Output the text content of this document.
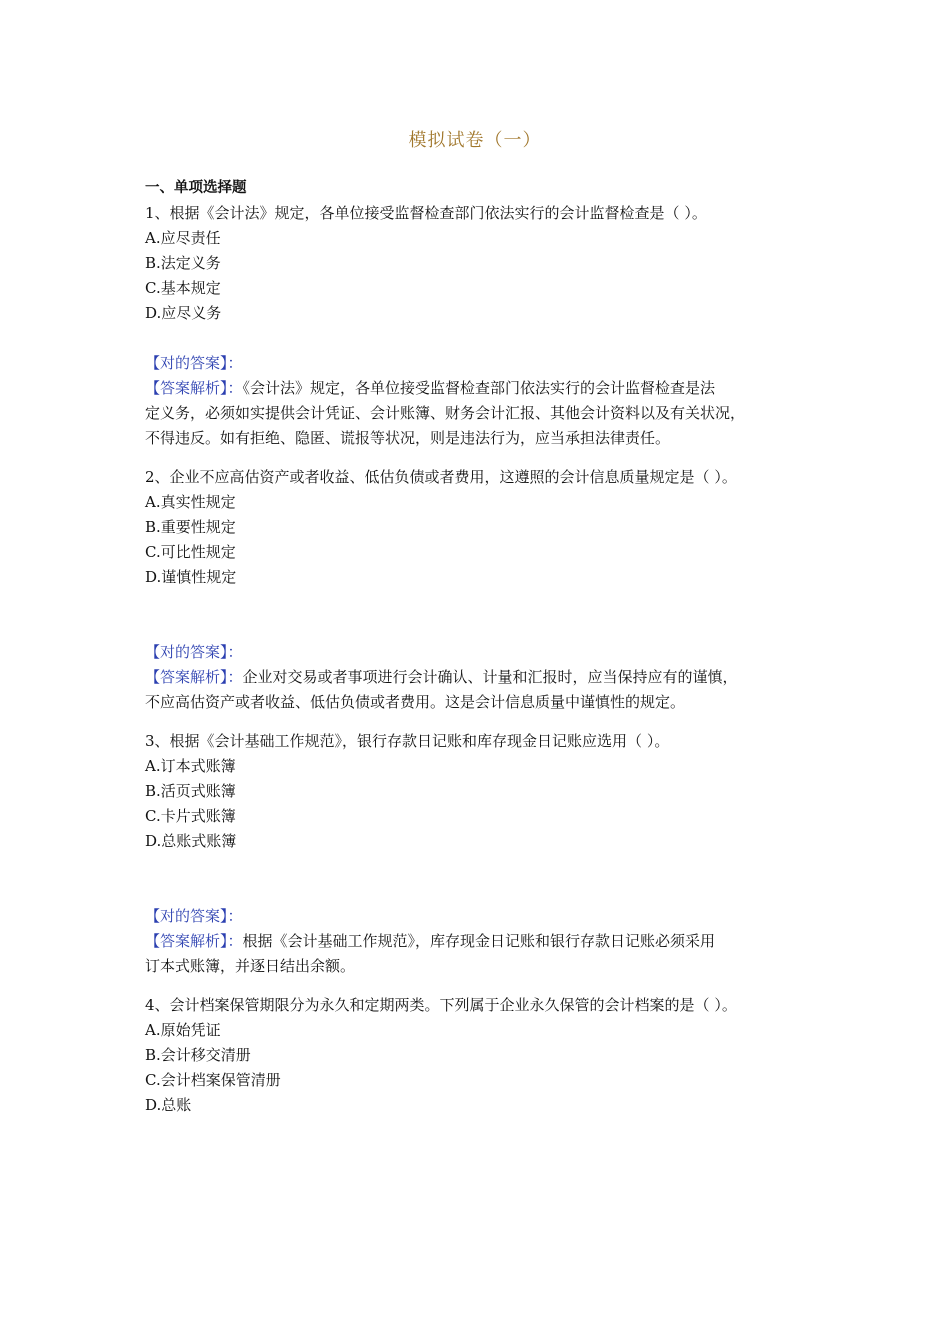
模拟试卷（一）
一、单项选择题
1、根据《会计法》规定，各单位接受监督检查部门依法实行的会计监督检查是（ ）。
A.应尽责任
B.法定义务
C.基本规定
D.应尽义务
【对的答案】：
【答案解析】：《会计法》规定，各单位接受监督检查部门依法实行的会计监督检查是法
定义务，必须如实提供会计凭证、会计账簿、财务会计汇报、其他会计资料以及有关状况，
不得违反。如有拒绝、隐匿、谎报等状况，则是违法行为，应当承担法律责任。
2、企业不应高估资产或者收益、低估负债或者费用，这遵照的会计信息质量规定是（ ）。
A.真实性规定
B.重要性规定
C.可比性规定
D.谨慎性规定
【对的答案】：
【答案解析】：企业对交易或者事项进行会计确认、计量和汇报时，应当保持应有的谨慎，
不应高估资产或者收益、低估负债或者费用。这是会计信息质量中谨慎性的规定。
3、根据《会计基础工作规范》，银行存款日记账和库存现金日记账应选用（ ）。
A.订本式账簿
B.活页式账簿
C.卡片式账簿
D.总账式账簿
【对的答案】：
【答案解析】：根据《会计基础工作规范》，库存现金日记账和银行存款日记账必须采用
订本式账簿，并逐日结出余额。
4、会计档案保管期限分为永久和定期两类。下列属于企业永久保管的会计档案的是（ ）。
A.原始凭证
B.会计移交清册
C.会计档案保管清册
D.总账
